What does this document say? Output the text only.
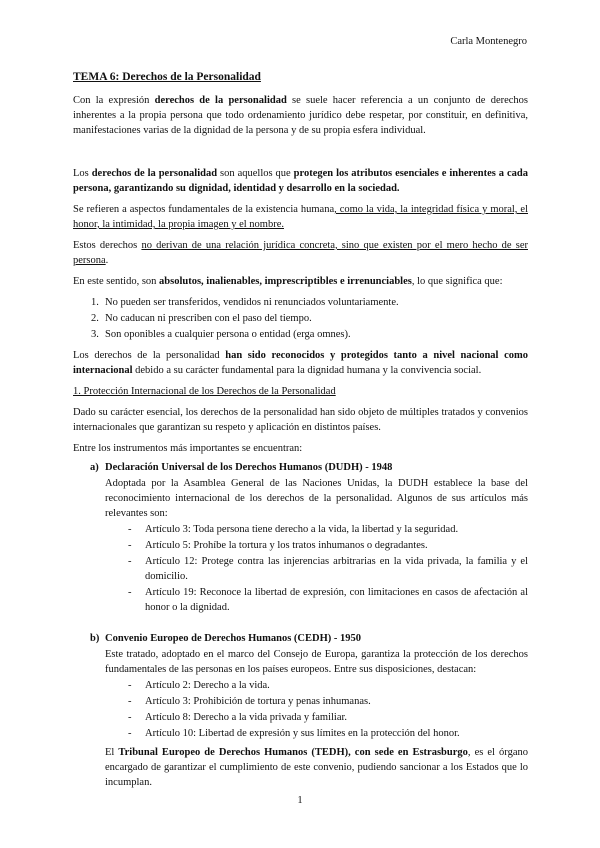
Carla Montenegro
TEMA 6: Derechos de la Personalidad

Con la expresión derechos de la personalidad se suele hacer referencia a un conjunto de derechos inherentes a la propia persona que todo ordenamiento jurídico debe respetar, por constituir, en definitiva, manifestaciones varias de la dignidad de la persona y de su propia esfera individual.

Los derechos de la personalidad son aquellos que protegen los atributos esenciales e inherentes a cada persona, garantizando su dignidad, identidad y desarrollo en la sociedad.

Se refieren a aspectos fundamentales de la existencia humana, como la vida, la integridad física y moral, el honor, la intimidad, la propia imagen y el nombre.

Estos derechos no derivan de una relación jurídica concreta, sino que existen por el mero hecho de ser persona.

En este sentido, son absolutos, inalienables, imprescriptibles e irrenunciables, lo que significa que:

1. No pueden ser transferidos, vendidos ni renunciados voluntariamente.
2. No caducan ni prescriben con el paso del tiempo.
3. Son oponibles a cualquier persona o entidad (erga omnes).

Los derechos de la personalidad han sido reconocidos y protegidos tanto a nivel nacional como internacional debido a su carácter fundamental para la dignidad humana y la convivencia social.

1. Protección Internacional de los Derechos de la Personalidad

Dado su carácter esencial, los derechos de la personalidad han sido objeto de múltiples tratados y convenios internacionales que garantizan su respeto y aplicación en distintos países.

Entre los instrumentos más importantes se encuentran:
a) Declaración Universal de los Derechos Humanos (DUDH) - 1948
Adoptada por la Asamblea General de las Naciones Unidas, la DUDH establece la base del reconocimiento internacional de los derechos de la personalidad. Algunos de sus artículos más relevantes son:
- Artículo 3: Toda persona tiene derecho a la vida, la libertad y la seguridad.
- Artículo 5: Prohíbe la tortura y los tratos inhumanos o degradantes.
- Artículo 12: Protege contra las injerencias arbitrarias en la vida privada, la familia y el domicilio.
- Artículo 19: Reconoce la libertad de expresión, con limitaciones en casos de afectación al honor o la dignidad.
b) Convenio Europeo de Derechos Humanos (CEDH) - 1950
Este tratado, adoptado en el marco del Consejo de Europa, garantiza la protección de los derechos fundamentales de las personas en los países europeos. Entre sus disposiciones, destacan:
- Artículo 2: Derecho a la vida.
- Artículo 3: Prohibición de tortura y penas inhumanas.
- Artículo 8: Derecho a la vida privada y familiar.
- Artículo 10: Libertad de expresión y sus límites en la protección del honor.
El Tribunal Europeo de Derechos Humanos (TEDH), con sede en Estrasburgo, es el órgano encargado de garantizar el cumplimiento de este convenio, pudiendo sancionar a los Estados que lo incumplan.
1
